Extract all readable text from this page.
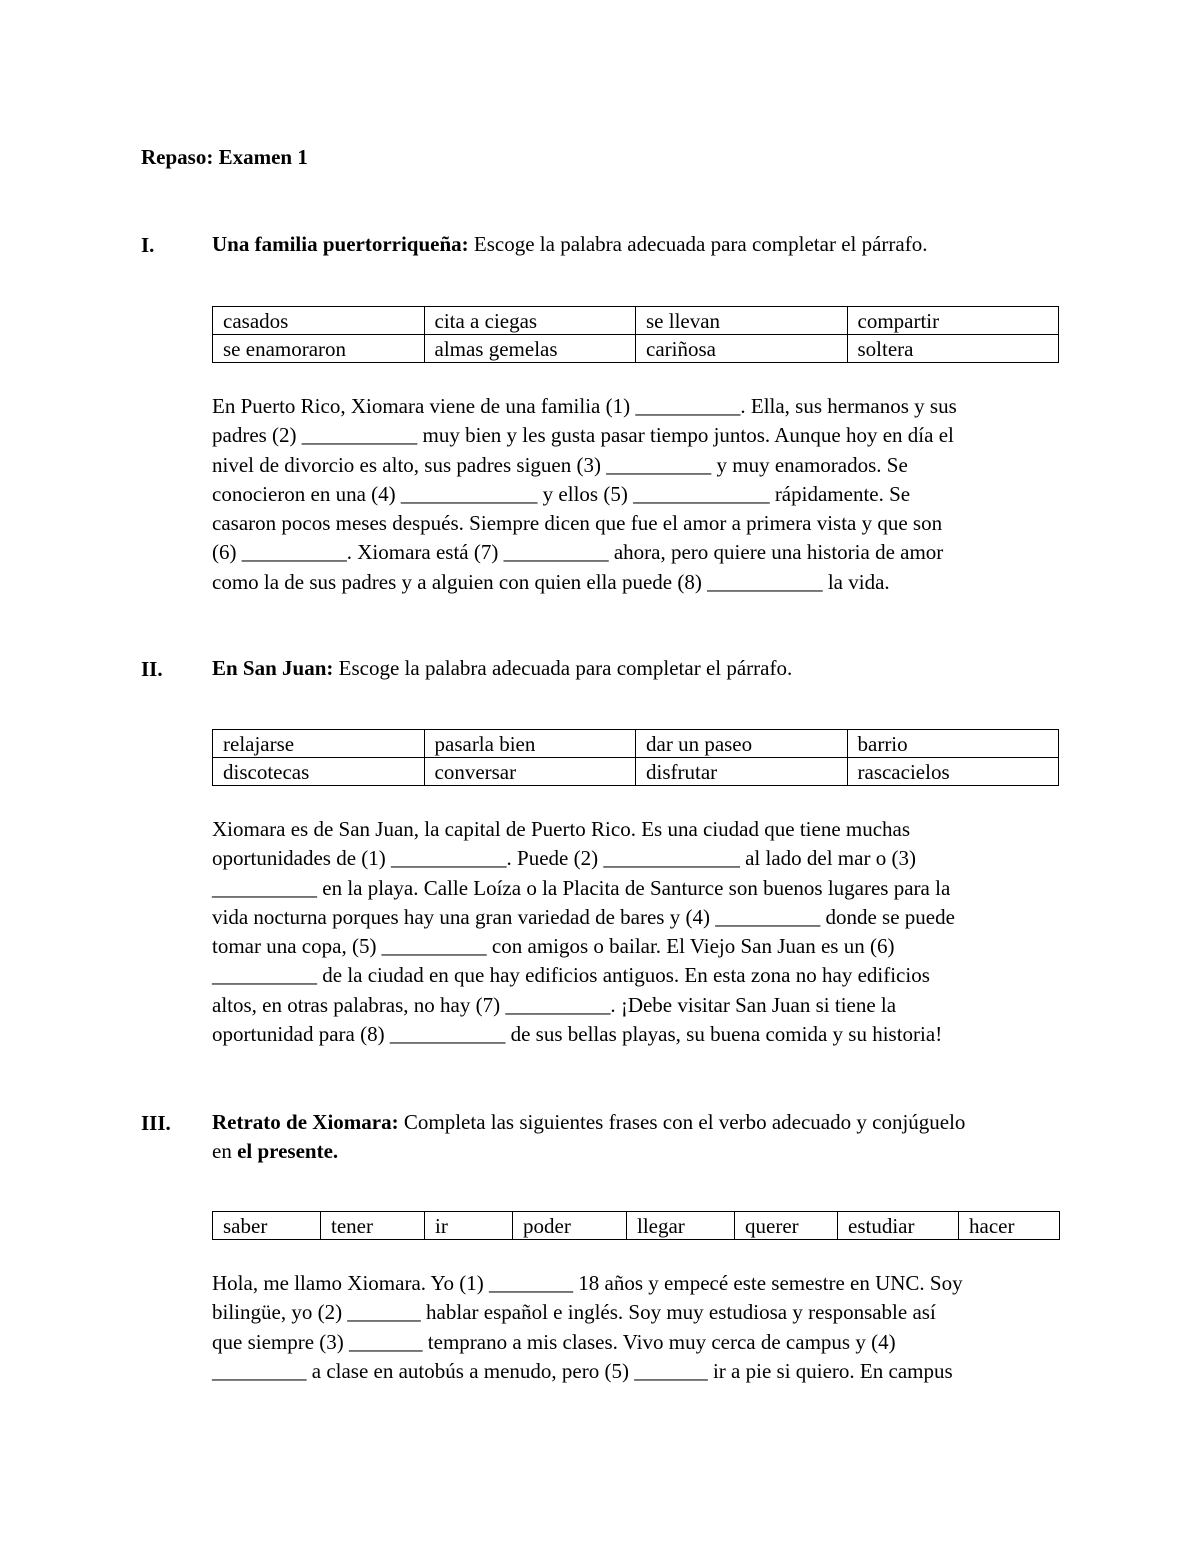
Repaso: Examen 1
I.	Una familia puertorriqueña: Escoge la palabra adecuada para completar el párrafo.

casados	cita a ciegas	se llevan	compartir
se enamoraron	almas gemelas	cariñosa	soltera

En Puerto Rico, Xiomara viene de una familia (1) __________. Ella, sus hermanos y sus
padres (2) ___________ muy bien y les gusta pasar tiempo juntos. Aunque hoy en día el
nivel de divorcio es alto, sus padres siguen (3) __________ y muy enamorados. Se
conocieron en una (4) _____________ y ellos (5) _____________ rápidamente. Se
casaron pocos meses después. Siempre dicen que fue el amor a primera vista y que son
(6) __________. Xiomara está (7) __________ ahora, pero quiere una historia de amor
como la de sus padres y a alguien con quien ella puede (8) ___________ la vida.

II. En San Juan: Escoge la palabra adecuada para completar el párrafo.

relajarse	pasarla bien	dar un paseo	barrio
discotecas	conversar	disfrutar	rascacielos

Xiomara es de San Juan, la capital de Puerto Rico. Es una ciudad que tiene muchas
oportunidades de (1) ___________. Puede (2) _____________ al lado del mar o (3)
__________ en la playa. Calle Loíza o la Placita de Santurce son buenos lugares para la
vida nocturna porques hay una gran variedad de bares y (4) __________ donde se puede
tomar una copa, (5) __________ con amigos o bailar. El Viejo San Juan es un (6)
__________ de la ciudad en que hay edificios antiguos. En esta zona no hay edificios
altos, en otras palabras, no hay (7) __________. ¡Debe visitar San Juan si tiene la
oportunidad para (8) ___________ de sus bellas playas, su buena comida y su historia!

III. Retrato de Xiomara: Completa las siguientes frases con el verbo adecuado y conjúguelo
en el presente.

saber	tener	ir	poder	llegar	querer	estudiar	hacer

Hola, me llamo Xiomara. Yo (1) ________ 18 años y empecé este semestre en UNC. Soy
bilingüe, yo (2) _______ hablar español e inglés. Soy muy estudiosa y responsable así
que siempre (3) _______ temprano a mis clases. Vivo muy cerca de campus y (4)
_________ a clase en autobús a menudo, pero (5) _______ ir a pie si quiero. En campus
